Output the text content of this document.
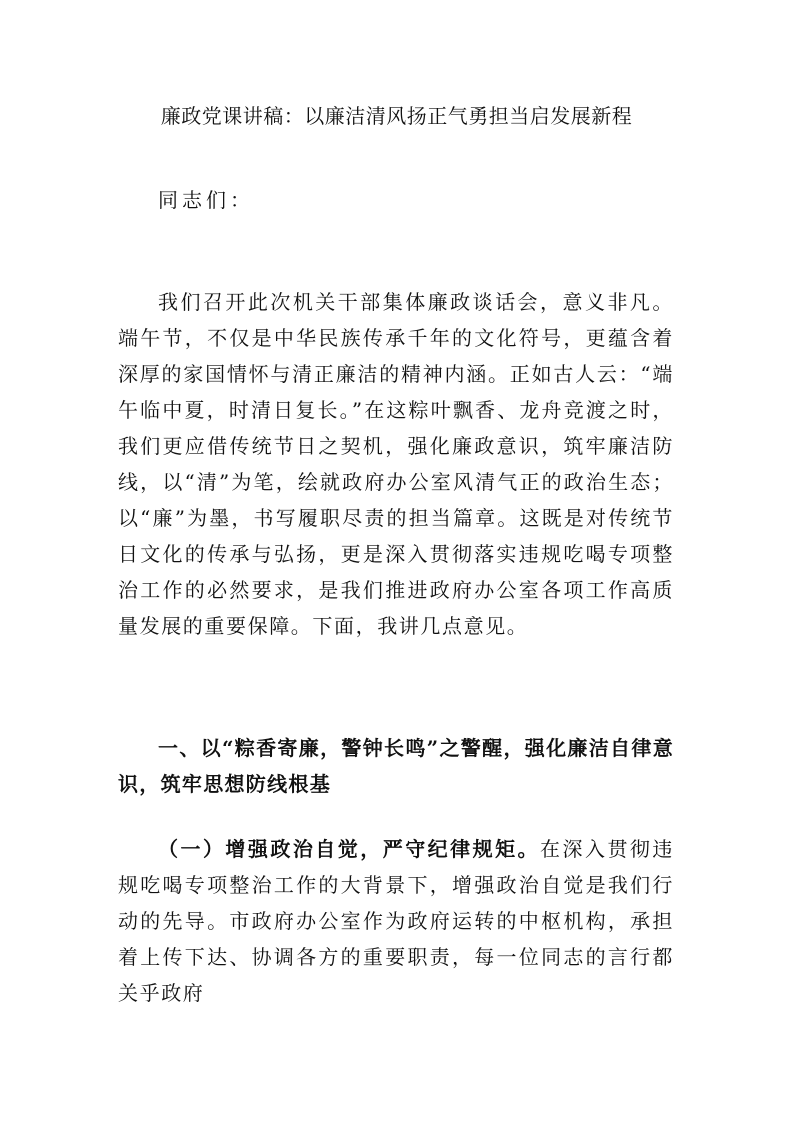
廉政党课讲稿：以廉洁清风扬正气勇担当启发展新程
同志们：
我们召开此次机关干部集体廉政谈话会，意义非凡。端午节，不仅是中华民族传承千年的文化符号，更蕴含着深厚的家国情怀与清正廉洁的精神内涵。正如古人云：“端午临中夏，时清日复长。”在这粽叶飘香、龙舟竞渡之时，我们更应借传统节日之契机，强化廉政意识，筑牢廉洁防线，以“清”为笔，绘就政府办公室风清气正的政治生态；以“廉”为墨，书写履职尽责的担当篇章。这既是对传统节日文化的传承与弘扬，更是深入贯彻落实违规吃喝专项整治工作的必然要求，是我们推进政府办公室各项工作高质量发展的重要保障。下面，我讲几点意见。
一、以“粽香寄廉，警钟长鸣”之警醒，强化廉洁自律意识，筑牢思想防线根基
（一）增强政治自觉，严守纪律规矩。在深入贯彻违规吃喝专项整治工作的大背景下，增强政治自觉是我们行动的先导。市政府办公室作为政府运转的中枢机构，承担着上传下达、协调各方的重要职责，每一位同志的言行都关乎政府
